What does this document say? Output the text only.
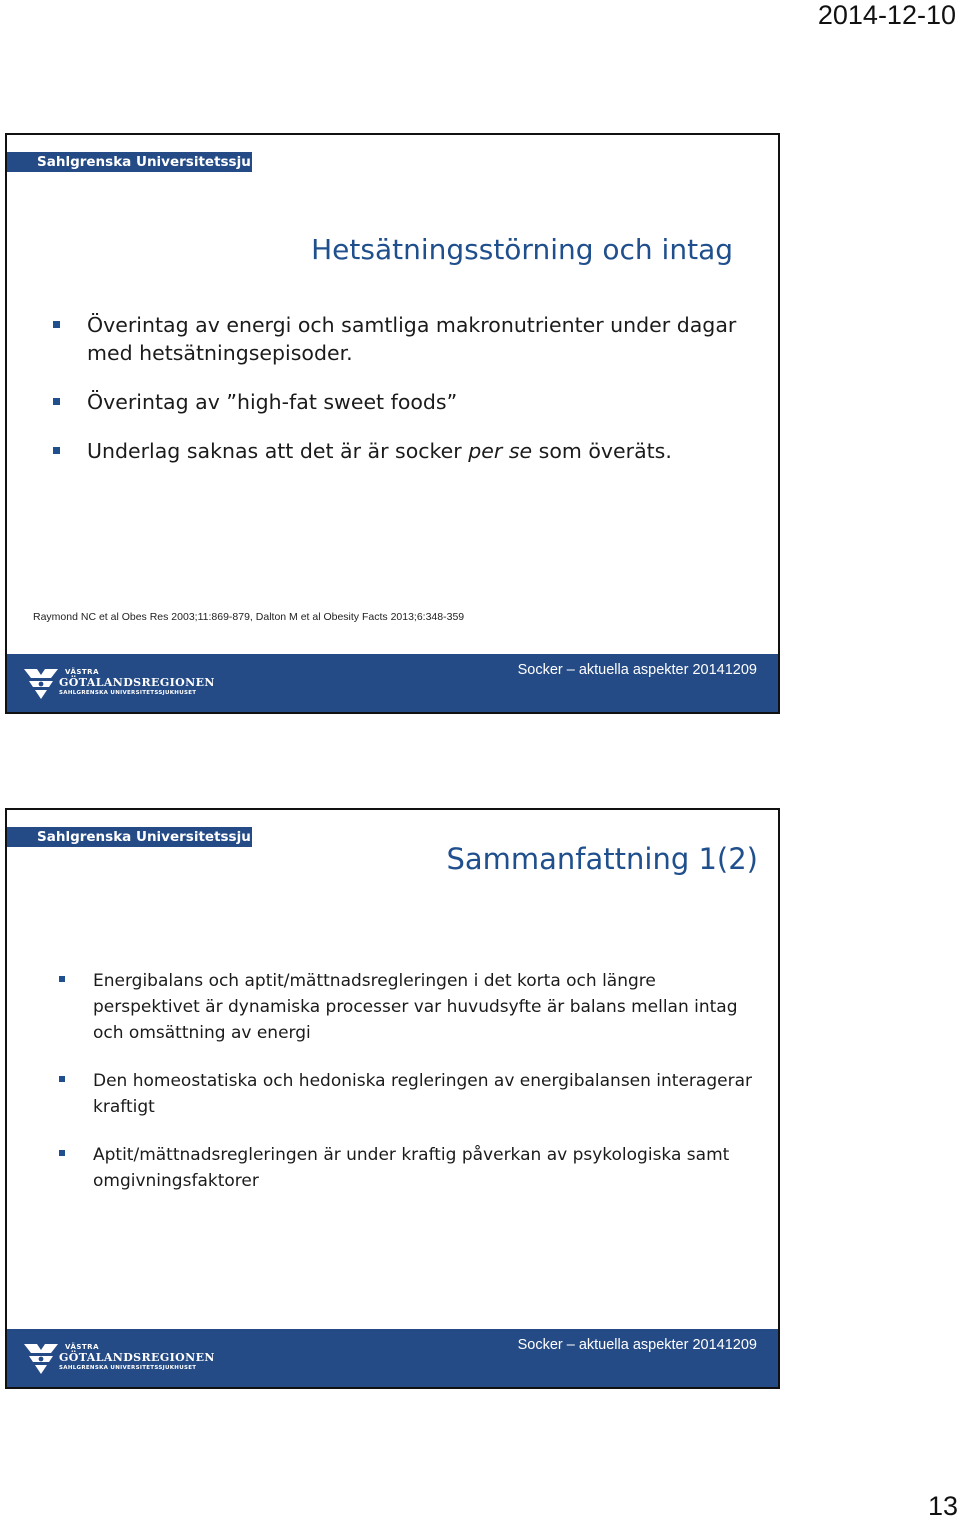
2014-12-10
Sahlgrenska Universitetssjukhuset
Hetsätningsstörning och intag
Överintag av energi och samtliga makronutrienter under dagar med hetsätningsepisoder.
Överintag av ”high-fat sweet foods”
Underlag saknas att det är är socker per se som överäts.
Raymond NC et al Obes Res 2003;11:869-879, Dalton M et al Obesity Facts 2013;6:348-359
VÄSTRA
GÖTALANDSREGIONEN
SAHLGRENSKA UNIVERSITETSSJUKHUSET
Socker – aktuella aspekter 20141209
Sahlgrenska Universitetssjukhuset
Sammanfattning 1(2)
Energibalans och aptit/mättnadsregleringen i det korta och längre perspektivet är dynamiska processer var huvudsyfte är balans mellan intag och omsättning av energi
Den homeostatiska och hedoniska regleringen av energibalansen interagerar kraftigt
Aptit/mättnadsregleringen är under kraftig påverkan av psykologiska samt omgivningsfaktorer
VÄSTRA
GÖTALANDSREGIONEN
SAHLGRENSKA UNIVERSITETSSJUKHUSET
Socker – aktuella aspekter 20141209
13
